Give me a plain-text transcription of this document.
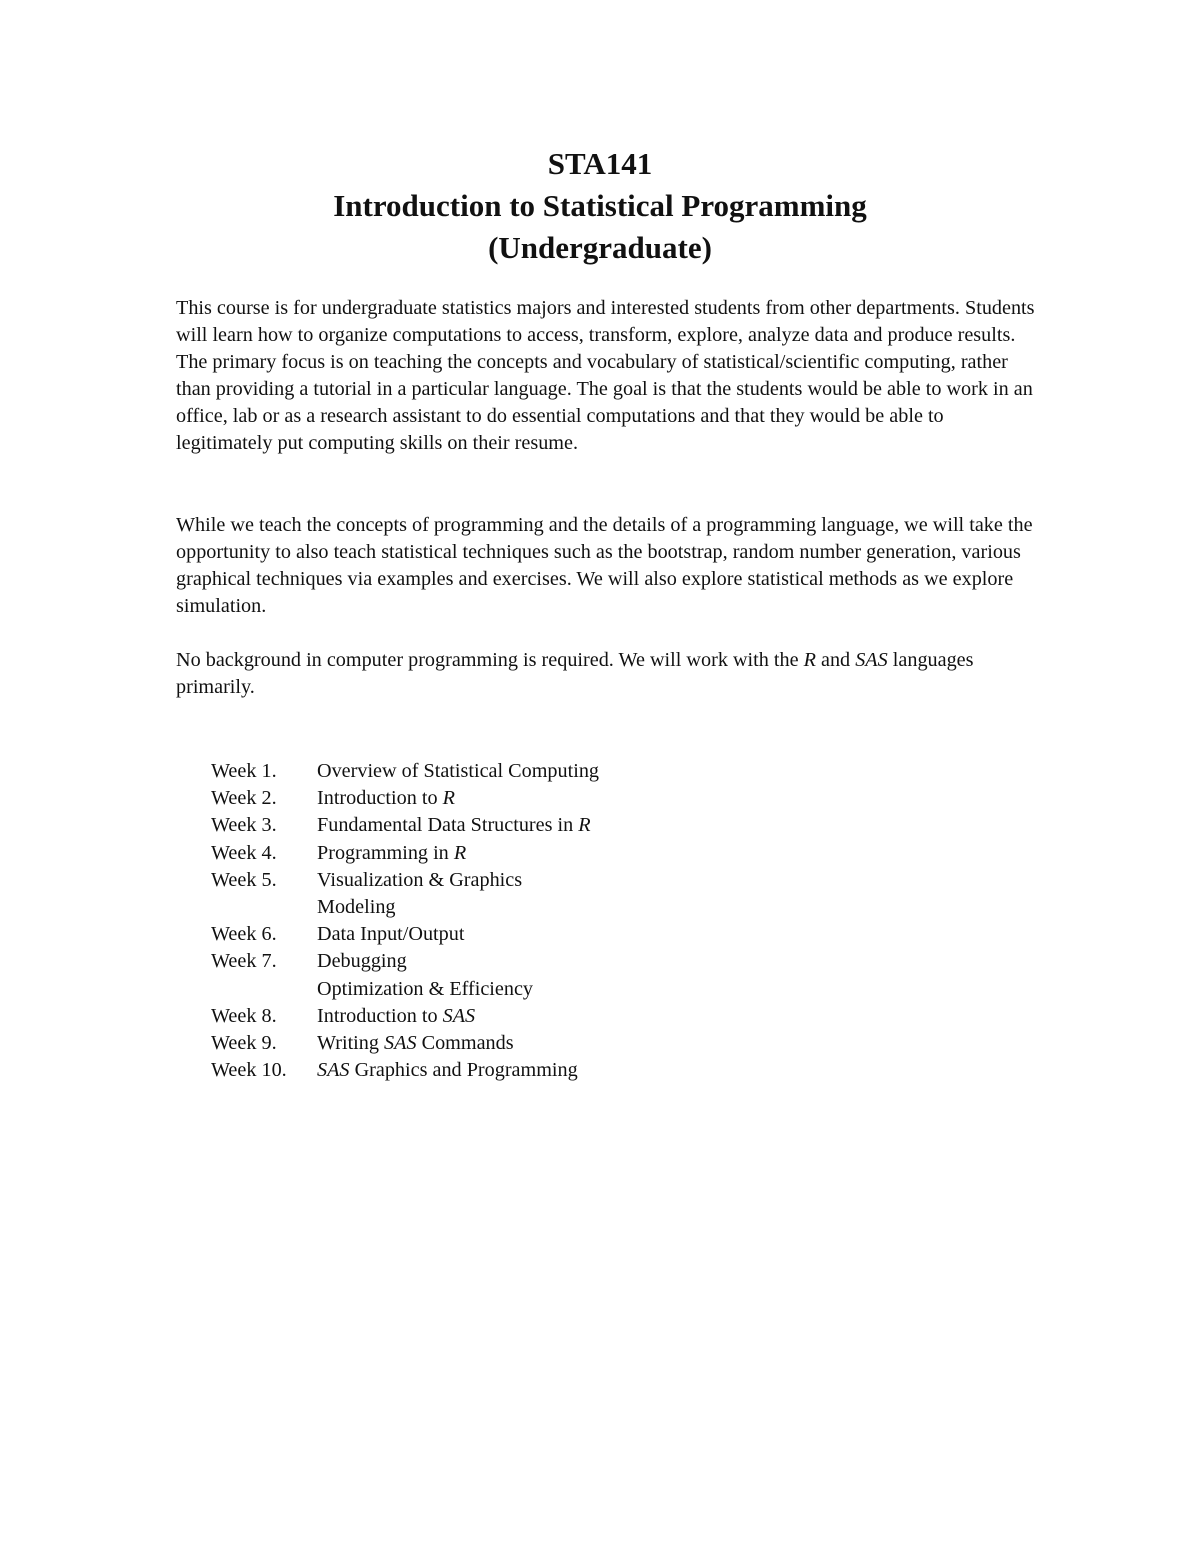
STA141
Introduction to Statistical Programming
(Undergraduate)

This course is for undergraduate statistics majors and interested students from other departments. Students will learn how to organize computations to access, transform, explore, analyze data and produce results. The primary focus is on teaching the concepts and vocabulary of statistical/scientific computing, rather than providing a tutorial in a particular language. The goal is that the students would be able to work in an office, lab or as a research assistant to do essential computations and that they would be able to legitimately put computing skills on their resume.

While we teach the concepts of programming and the details of a programming language, we will take the opportunity to also teach statistical techniques such as the bootstrap, random number generation, various graphical techniques via examples and exercises. We will also explore statistical methods as we explore simulation.

No background in computer programming is required. We will work with the R and SAS languages primarily.

Week 1.	Overview of Statistical Computing
Week 2.	Introduction to R
Week 3.	Fundamental Data Structures in R
Week 4.	Programming in R
Week 5.	Visualization & Graphics
Modeling
Week 6.	Data Input/Output
Week 7.	Debugging
Optimization & Efficiency
Week 8.	Introduction to SAS
Week 9.	Writing SAS Commands
Week 10.	SAS Graphics and Programming
